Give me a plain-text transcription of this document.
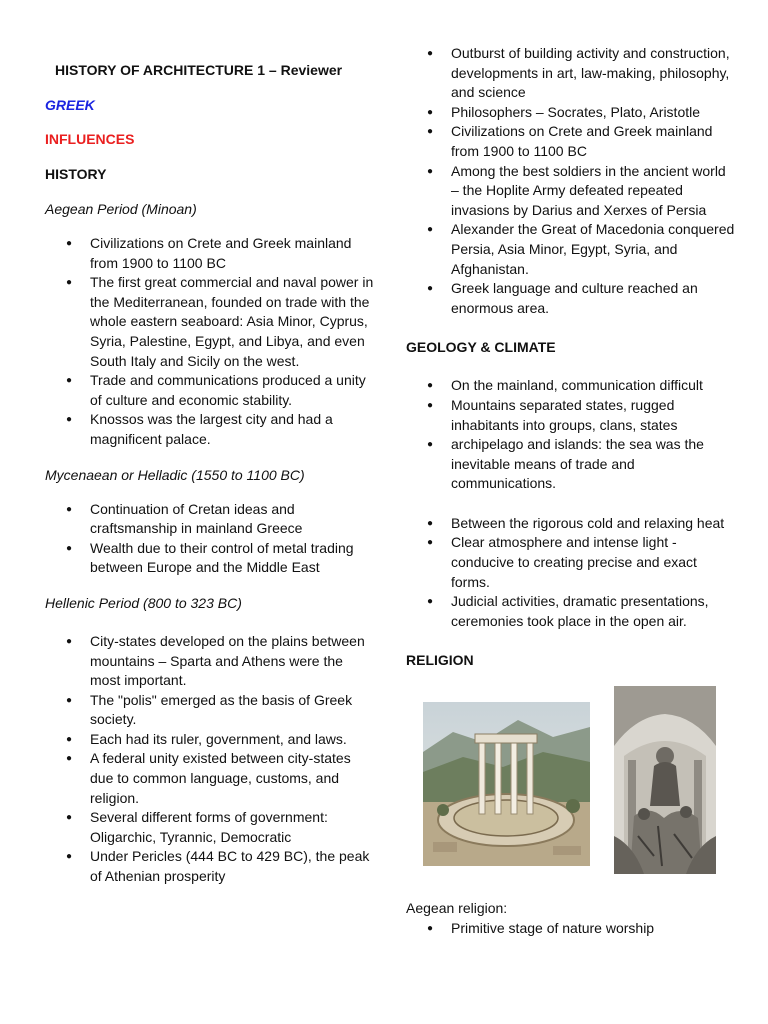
HISTORY OF ARCHITECTURE 1 – Reviewer
GREEK
INFLUENCES
HISTORY
Aegean Period (Minoan)
● Civilizations on Crete and Greek mainland from 1900 to 1100 BC
● The first great commercial and naval power in the Mediterranean, founded on trade with the whole eastern seaboard: Asia Minor, Cyprus, Syria, Palestine, Egypt, and Libya, and even South Italy and Sicily on the west.
● Trade and communications produced a unity of culture and economic stability.
● Knossos was the largest city and had a magnificent palace.
Mycenaean or Helladic (1550 to 1100 BC)
● Continuation of Cretan ideas and craftsmanship in mainland Greece
● Wealth due to their control of metal trading between Europe and the Middle East
Hellenic Period (800 to 323 BC)
● City-states developed on the plains between mountains – Sparta and Athens were the most important.
● The "polis" emerged as the basis of Greek society.
● Each had its ruler, government, and laws.
● A federal unity existed between city-states due to common language, customs, and religion.
● Several different forms of government: Oligarchic, Tyrannic, Democratic
● Under Pericles (444 BC to 429 BC), the peak of Athenian prosperity
● Outburst of building activity and construction, developments in art, law-making, philosophy, and science
● Philosophers – Socrates, Plato, Aristotle
● Civilizations on Crete and Greek mainland from 1900 to 1100 BC
● Among the best soldiers in the ancient world – the Hoplite Army defeated repeated invasions by Darius and Xerxes of Persia
● Alexander the Great of Macedonia conquered Persia, Asia Minor, Egypt, Syria, and Afghanistan.
● Greek language and culture reached an enormous area.
GEOLOGY & CLIMATE
● On the mainland, communication difficult
● Mountains separated states, rugged inhabitants into groups, clans, states
● archipelago and islands: the sea was the inevitable means of trade and communications.
● Between the rigorous cold and relaxing heat
● Clear atmosphere and intense light - conducive to creating precise and exact forms.
● Judicial activities, dramatic presentations, ceremonies took place in the open air.
RELIGION
Aegean religion:
● Primitive stage of nature worship
